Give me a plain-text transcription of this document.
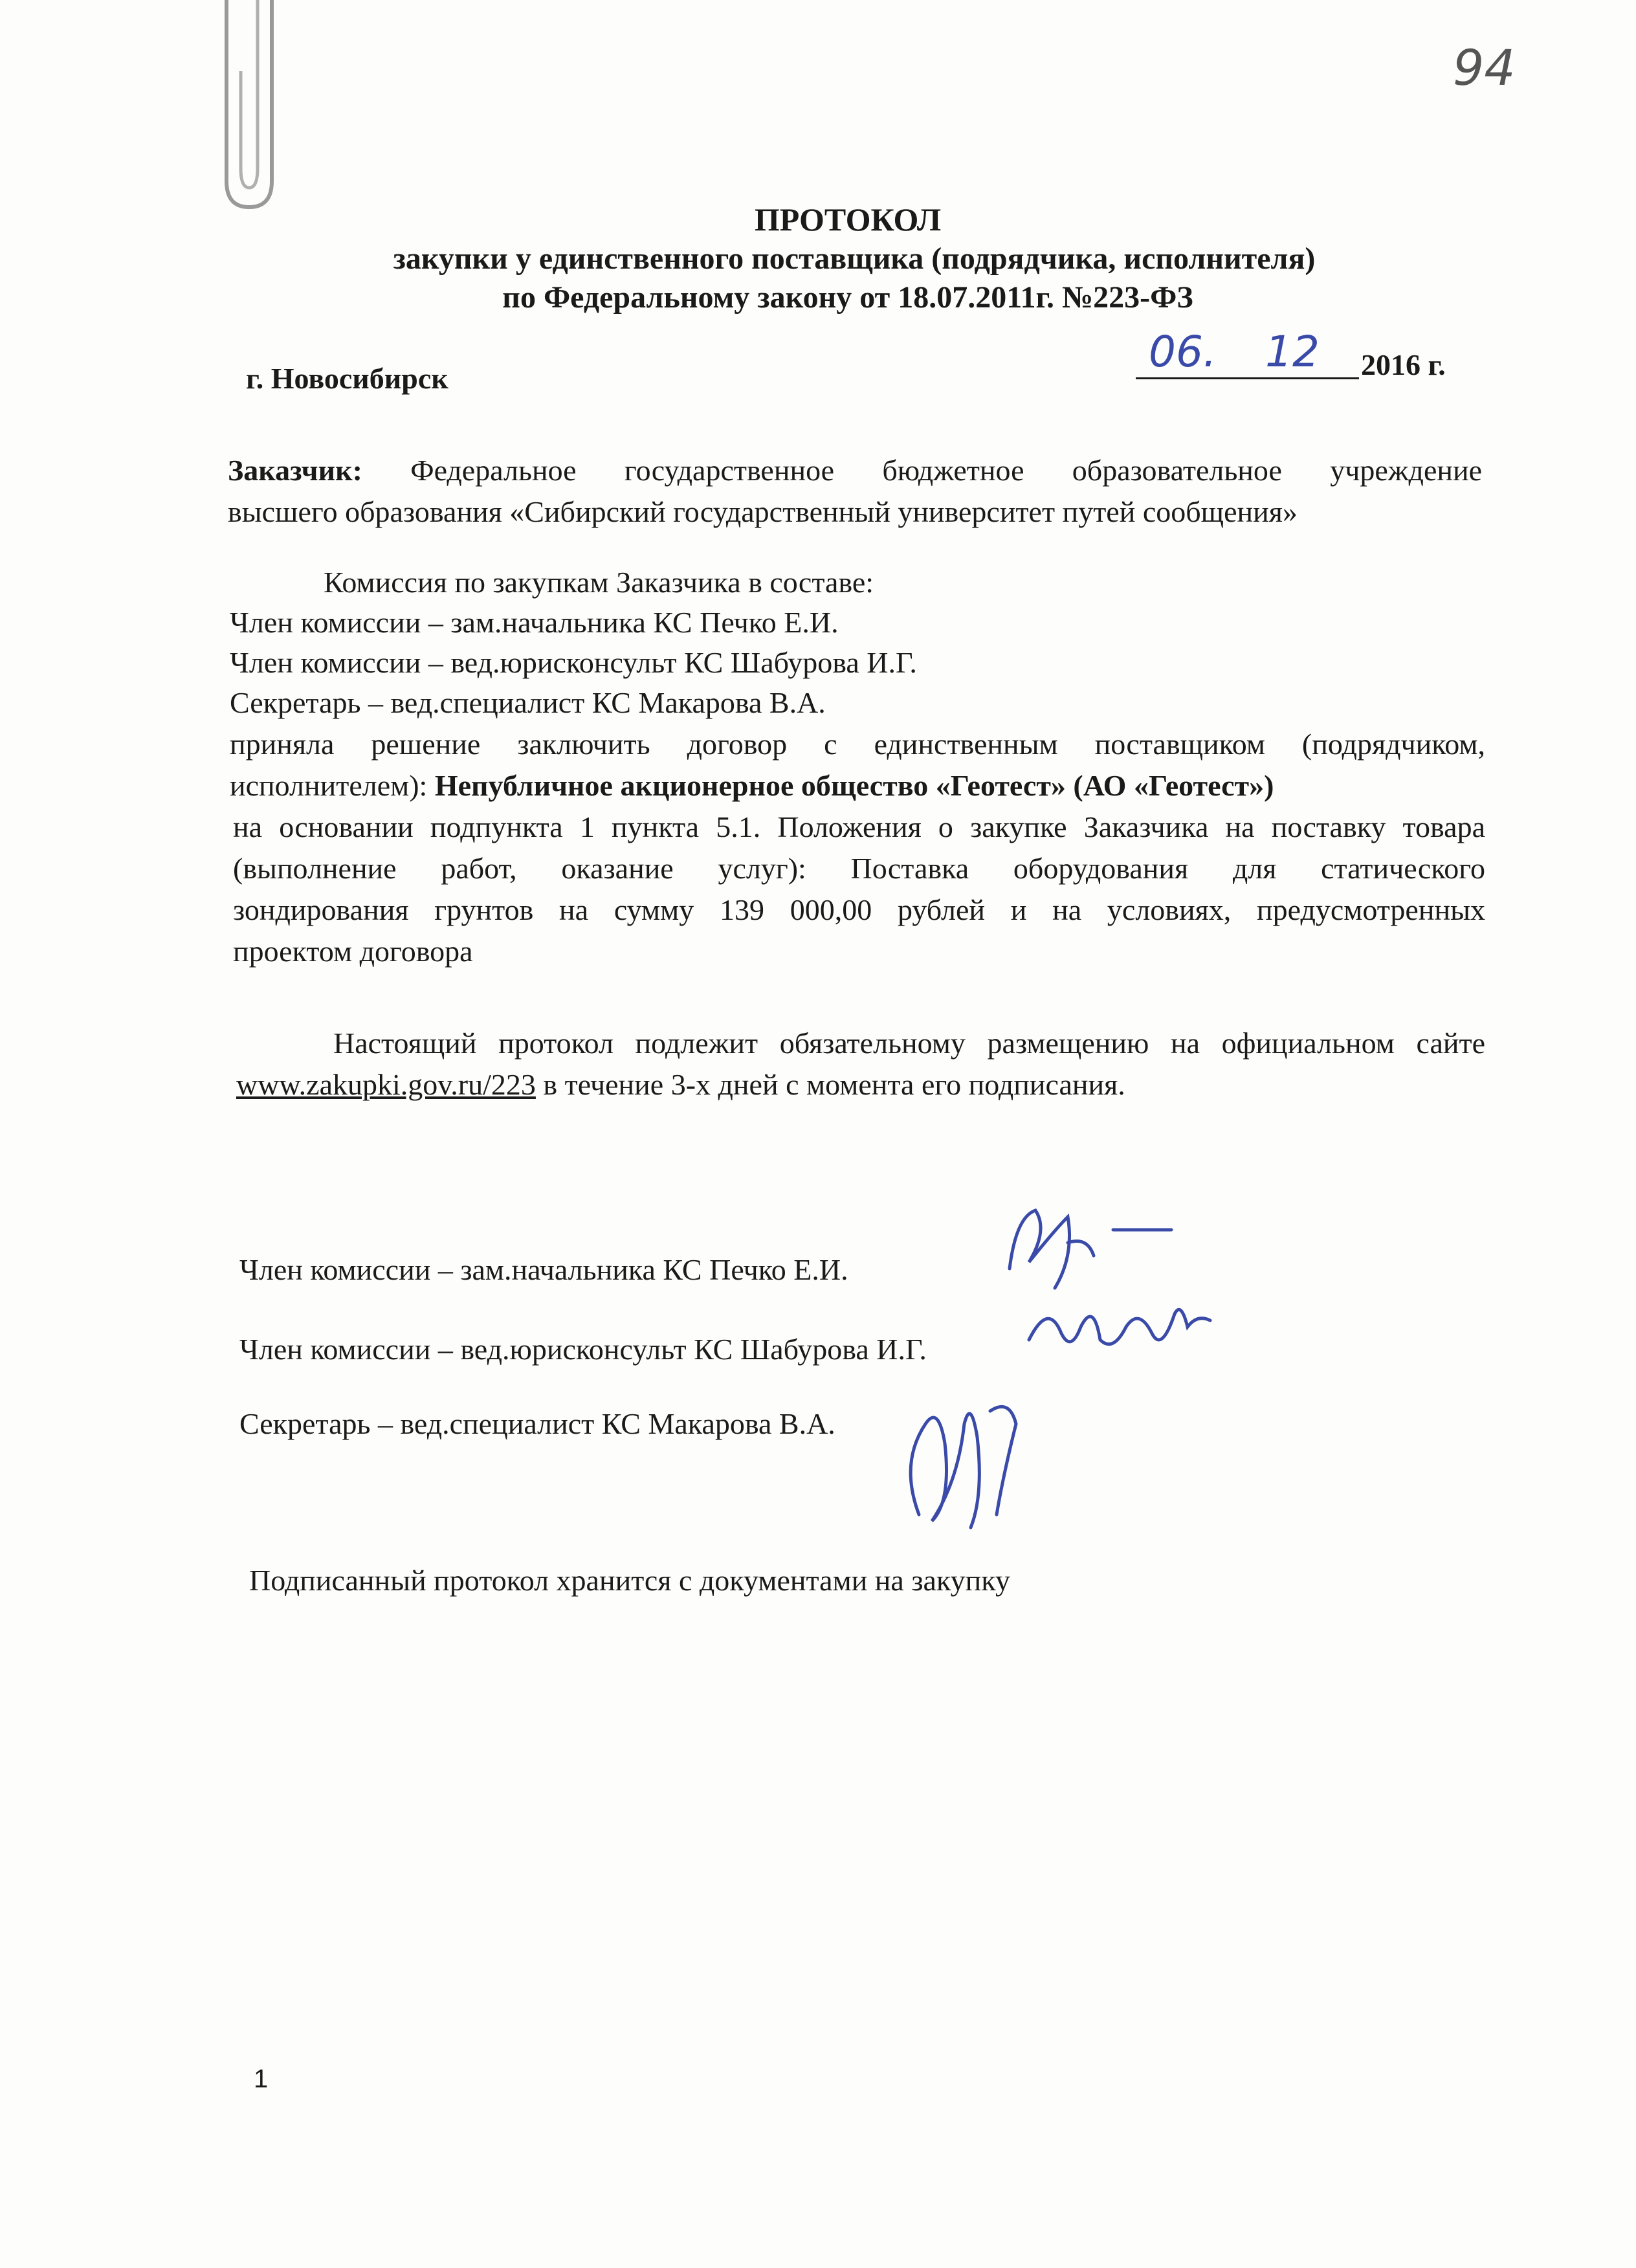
94
ПРОТОКОЛ
закупки у единственного поставщика (подрядчика, исполнителя)
по Федеральному закону от 18.07.2011г. №223-ФЗ
г. Новосибирск
06. 12 2016 г.
Заказчик: Федеральное государственное бюджетное образовательное учреждение
высшего образования «Сибирский государственный университет путей сообщения»
Комиссия по закупкам Заказчика в составе:
Член комиссии – зам.начальника КС Печко Е.И.
Член комиссии – вед.юрисконсульт КС Шабурова И.Г.
Секретарь – вед.специалист КС Макарова В.А.
приняла решение заключить договор с единственным поставщиком (подрядчиком,
исполнителем): Непубличное акционерное общество «Геотест» (АО «Геотест»)
на основании подпункта 1 пункта 5.1. Положения о закупке Заказчика на поставку товара
(выполнение работ, оказание услуг): Поставка оборудования для статического
зондирования грунтов на сумму 139 000,00 рублей и на условиях, предусмотренных
проектом договора
Настоящий протокол подлежит обязательному размещению на официальном сайте
www.zakupki.gov.ru/223 в течение 3-х дней с момента его подписания.
Член комиссии – зам.начальника КС Печко Е.И.
Член комиссии – вед.юрисконсульт КС Шабурова И.Г.
Секретарь – вед.специалист КС Макарова В.А.
Подписанный протокол хранится с документами на закупку
1
